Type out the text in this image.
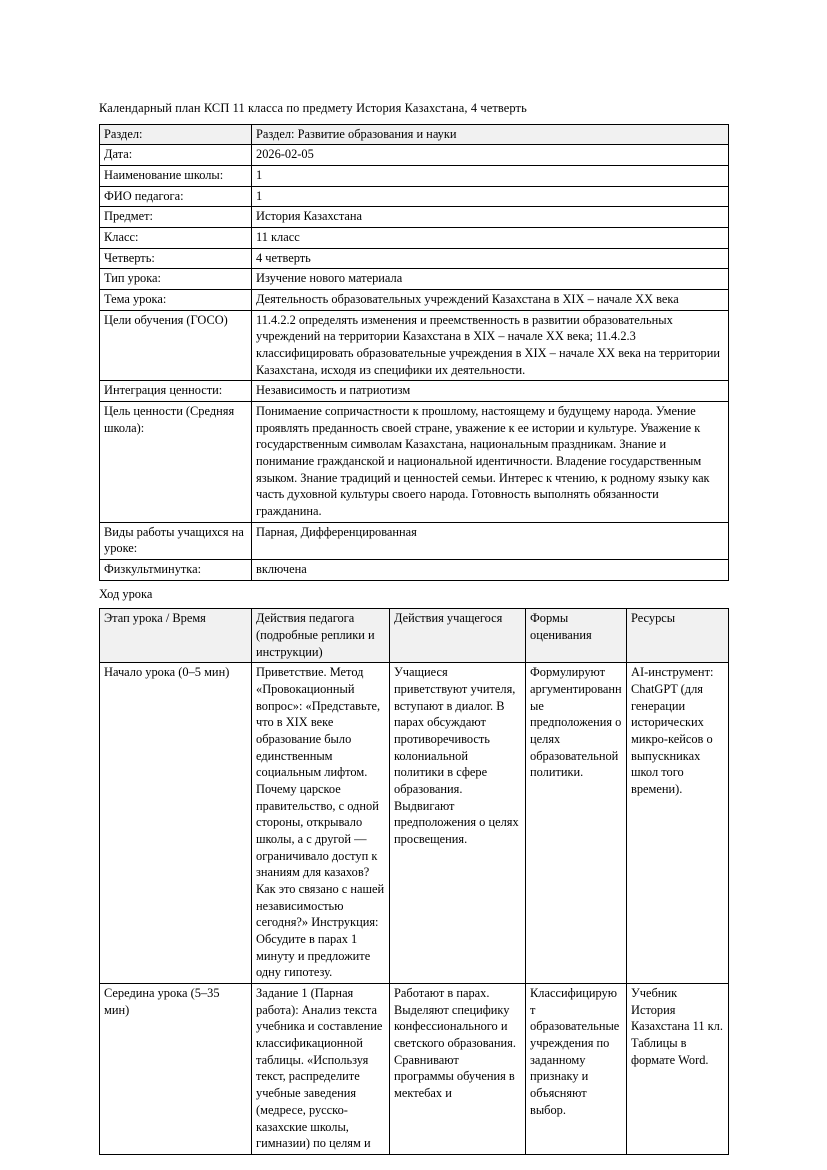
Календарный план КСП 11 класса по предмету История Казахстана, 4 четверть

Раздел:	Раздел: Развитие образования и науки
Дата:	2026-02-05
Наименование школы:	1
ФИО педагога:	1
Предмет:	История Казахстана
Класс:	11 класс
Четверть:	4 четверть
Тип урока:	Изучение нового материала
Тема урока:	Деятельность образовательных учреждений Казахстана в XIX – начале XX века
Цели обучения (ГОСО)	11.4.2.2 определять изменения и преемственность в развитии образовательных учреждений на территории Казахстана в XIX – начале XX века; 11.4.2.3 классифицировать образовательные учреждения в XIX – начале XX века на территории Казахстана, исходя из специфики их деятельности.
Интеграция ценности:	Независимость и патриотизм
Цель ценности (Средняя школа):	Понимаение сопричастности к прошлому, настоящему и будущему народа. Умение проявлять преданность своей стране, уважение к ее истории и культуре. Уважение к государственным символам Казахстана, национальным праздникам. Знание и понимание гражданской и национальной идентичности. Владение государственным языком. Знание традиций и ценностей семьи. Интерес к чтению, к родному языку как часть духовной культуры своего народа. Готовность выполнять обязанности гражданина.
Виды работы учащихся на уроке:	Парная, Дифференцированная
Физкультминутка:	включена

Ход урока

Этап урока / Время	Действия педагога (подробные реплики и инструкции)	Действия учащегося	Формы оценивания	Ресурсы
Начало урока (0–5 мин)	Приветствие. Метод «Провокационный вопрос»: «Представьте, что в XIX веке образование было единственным социальным лифтом. Почему царское правительство, с одной стороны, открывало школы, а с другой — ограничивало доступ к знаниям для казахов? Как это связано с нашей независимостью сегодня?» Инструкция: Обсудите в парах 1 минуту и предложите одну гипотезу.	Учащиеся приветствуют учителя, вступают в диалог. В парах обсуждают противоречивость колониальной политики в сфере образования. Выдвигают предположения о целях просвещения.	Формулируют аргументированные предположения о целях образовательной политики.	AI-инструмент: ChatGPT (для генерации исторических микро-кейсов о выпускниках школ того времени).
Середина урока (5–35 мин)	Задание 1 (Парная работа): Анализ текста учебника и составление классификационной таблицы. «Используя текст, распределите учебные заведения (медресе, русско-казахские школы, гимназии) по целям и	Работают в парах. Выделяют специфику конфессионального и светского образования. Сравнивают программы обучения в мектебах и	Классифицируют образовательные учреждения по заданному признаку и объясняют выбор.	Учебник История Казахстана 11 кл. Таблицы в формате Word.
